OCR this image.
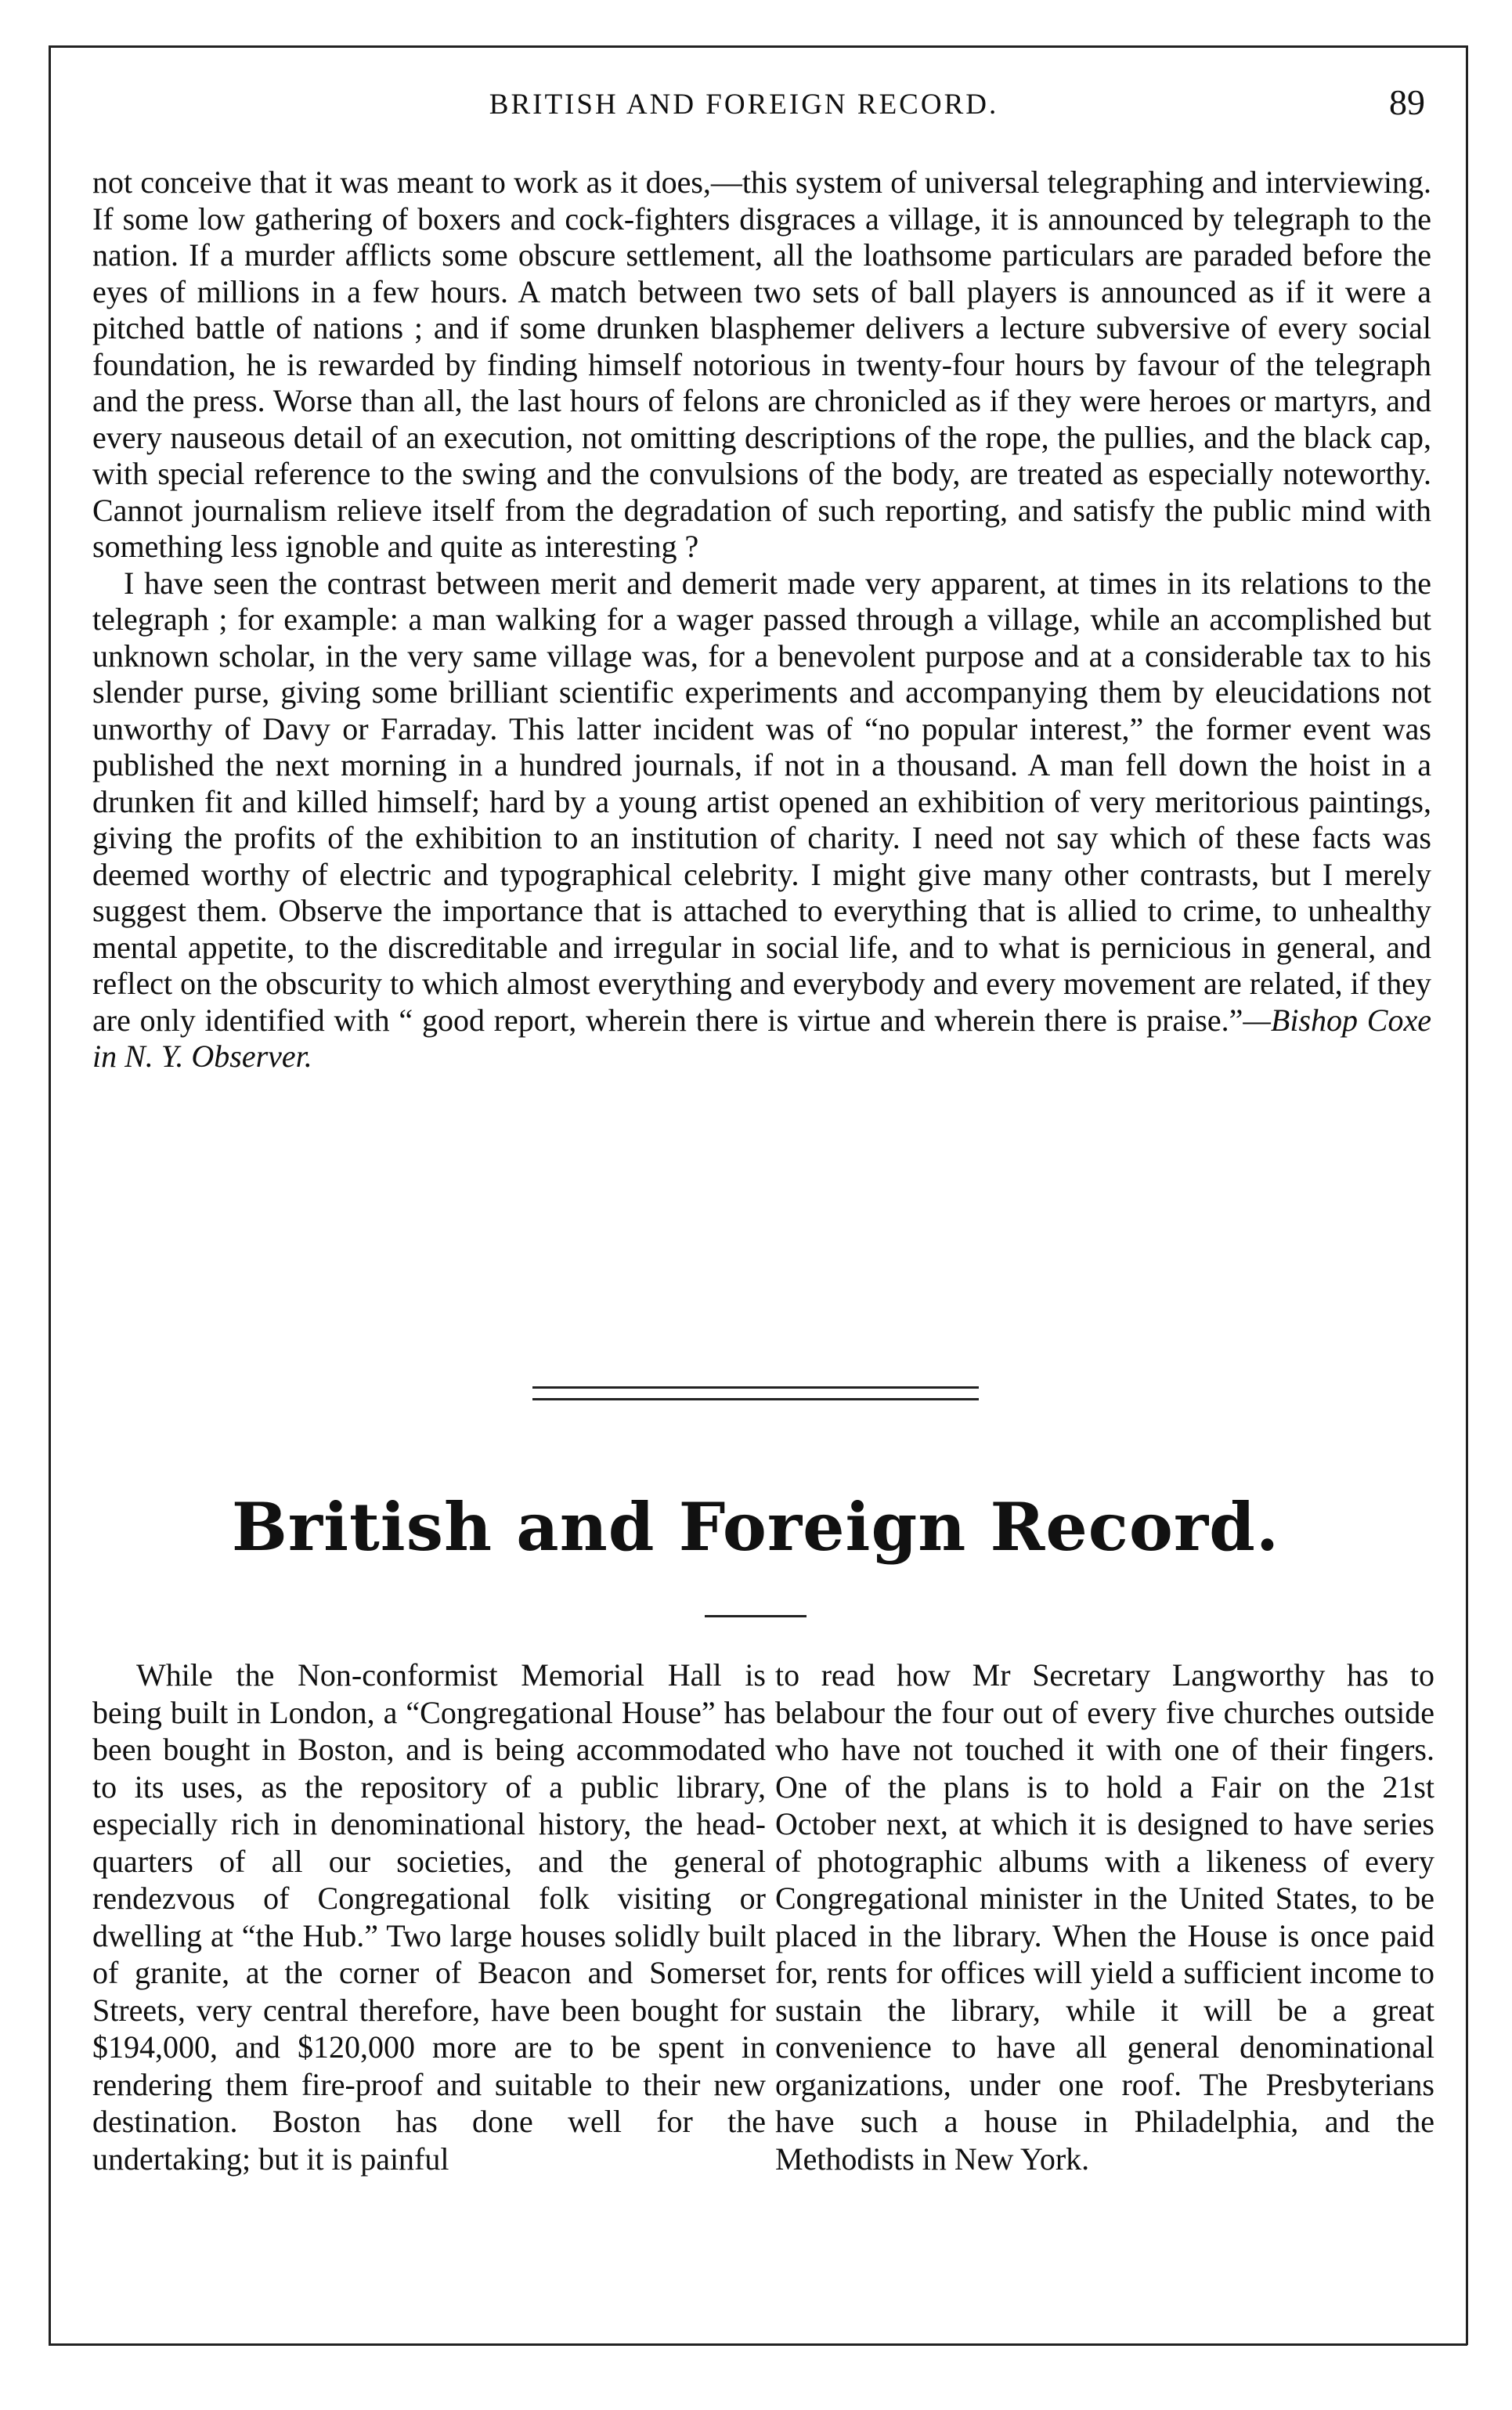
BRITISH AND FOREIGN RECORD.	89

not conceive that it was meant to work as it does,—this system of universal telegraphing and interviewing. If some low gathering of boxers and cock-fighters disgraces a village, it is announced by telegraph to the nation. If a murder afflicts some obscure settlement, all the loathsome particulars are paraded before the eyes of millions in a few hours. A match between two sets of ball players is announced as if it were a pitched battle of nations ; and if some drunken blasphemer delivers a lecture subversive of every social foundation, he is rewarded by finding himself notorious in twenty-four hours by favour of the telegraph and the press. Worse than all, the last hours of felons are chronicled as if they were heroes or martyrs, and every nauseous detail of an execution, not omitting descriptions of the rope, the pullies, and the black cap, with special reference to the swing and the convulsions of the body, are treated as especially noteworthy. Cannot journalism relieve itself from the degradation of such reporting, and satisfy the public mind with something less ignoble and quite as interesting ?

I have seen the contrast between merit and demerit made very apparent, at times in its relations to the telegraph ; for example: a man walking for a wager passed through a village, while an accomplished but unknown scholar, in the very same village was, for a benevolent purpose and at a considerable tax to his slender purse, giving some brilliant scientific experiments and accompanying them by eleucidations not unworthy of Davy or Farraday. This latter incident was of “no popular interest,” the former event was published the next morning in a hundred journals, if not in a thousand. A man fell down the hoist in a drunken fit and killed himself; hard by a young artist opened an exhibition of very meritorious paintings, giving the profits of the exhibition to an institution of charity. I need not say which of these facts was deemed worthy of electric and typographical celebrity. I might give many other contrasts, but I merely suggest them. Observe the importance that is attached to everything that is allied to crime, to unhealthy mental appetite, to the discreditable and irregular in social life, and to what is pernicious in general, and reflect on the obscurity to which almost everything and everybody and every movement are related, if they are only identified with “ good report, wherein there is virtue and wherein there is praise.”—Bishop Coxe in N. Y. Observer.

British and Foreign Record.

While the Non-conformist Memorial Hall is being built in London, a “Congregational House” has been bought in Boston, and is being accommodated to its uses, as the repository of a public library, especially rich in denominational history, the head-quarters of all our societies, and the general rendezvous of Congregational folk visiting or dwelling at “the Hub.” Two large houses solidly built of granite, at the corner of Beacon and Somerset Streets, very central therefore, have been bought for $194,000, and $120,000 more are to be spent in rendering them fire-proof and suitable to their new destination. Boston has done well for the undertaking; but it is painful

to read how Mr Secretary Langworthy has to belabour the four out of every five churches outside who have not touched it with one of their fingers. One of the plans is to hold a Fair on the 21st October next, at which it is designed to have series of photographic albums with a likeness of every Congregational minister in the United States, to be placed in the library. When the House is once paid for, rents for offices will yield a sufficient income to sustain the library, while it will be a great convenience to have all general denominational organizations, under one roof. The Presbyterians have such a house in Philadelphia, and the Methodists in New York.
